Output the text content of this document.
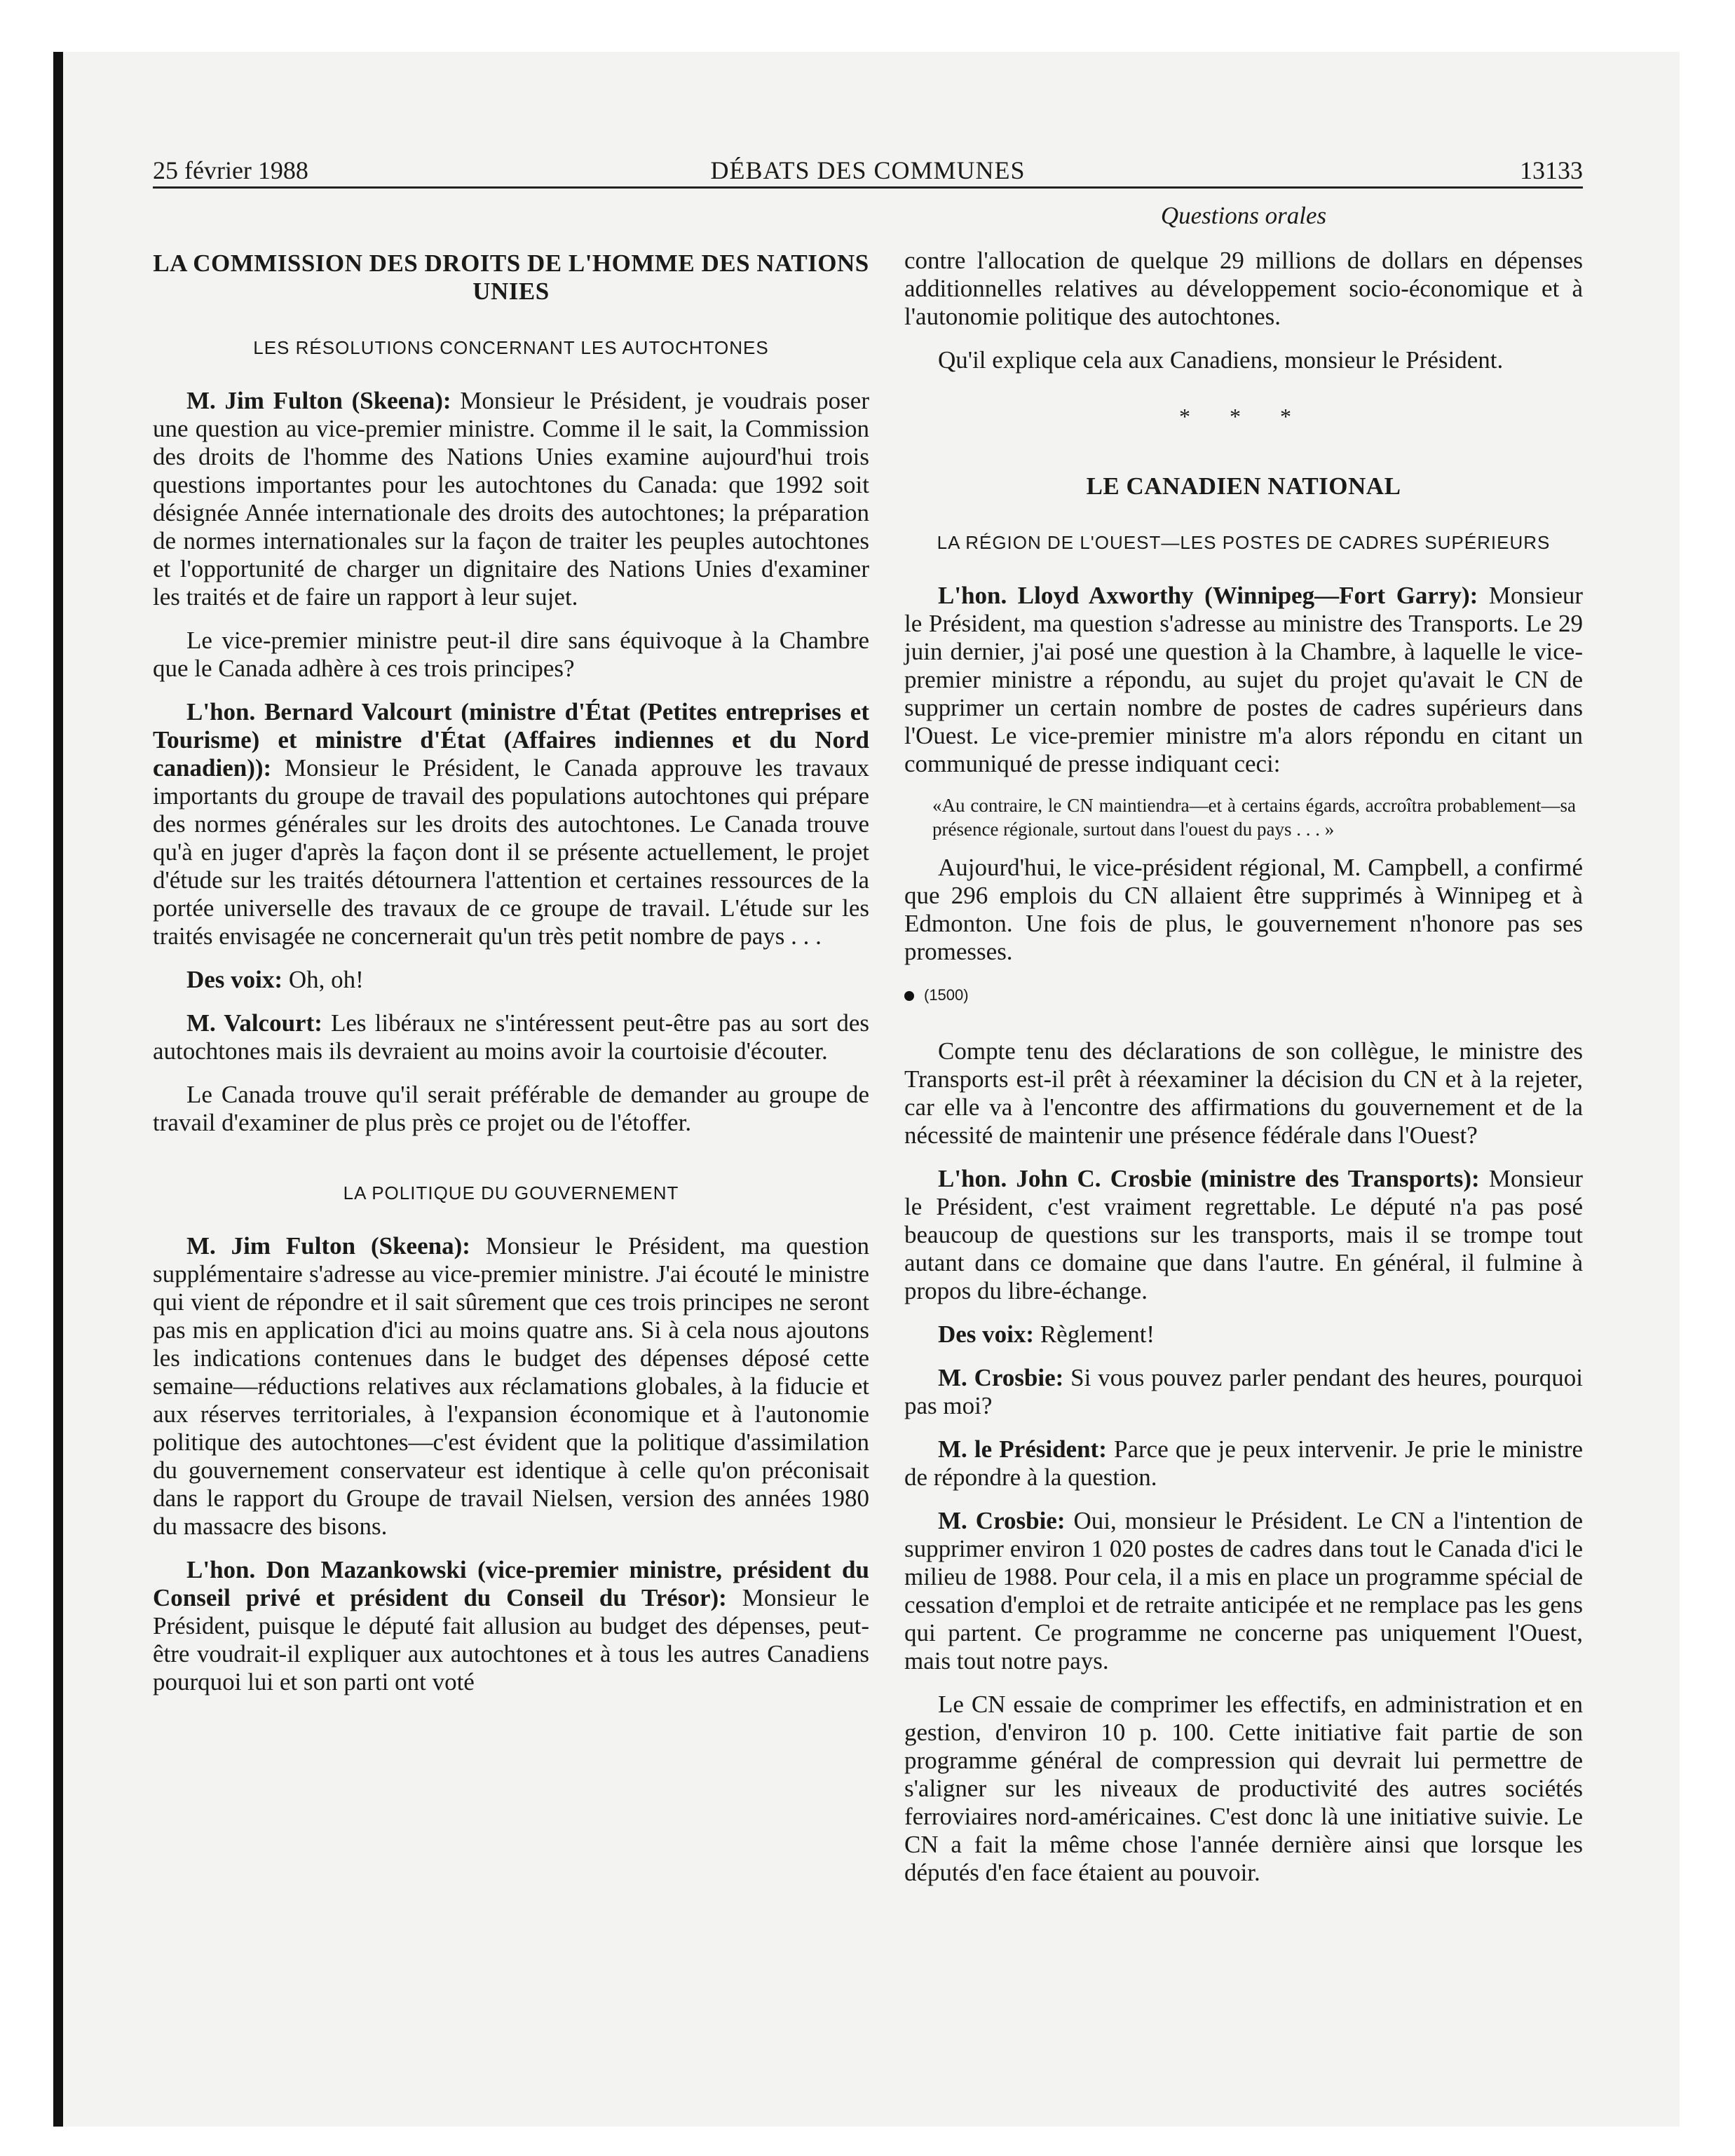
25 février 1988	DÉBATS DES COMMUNES	13133
Questions orales
LA COMMISSION DES DROITS DE L'HOMME DES NATIONS UNIES
LES RÉSOLUTIONS CONCERNANT LES AUTOCHTONES

M. Jim Fulton (Skeena): Monsieur le Président, je voudrais poser une question au vice-premier ministre. Comme il le sait, la Commission des droits de l'homme des Nations Unies examine aujourd'hui trois questions importantes pour les autochtones du Canada: que 1992 soit désignée Année internationale des droits des autochtones; la préparation de normes internationales sur la façon de traiter les peuples autochtones et l'opportunité de charger un dignitaire des Nations Unies d'examiner les traités et de faire un rapport à leur sujet.

Le vice-premier ministre peut-il dire sans équivoque à la Chambre que le Canada adhère à ces trois principes?

L'hon. Bernard Valcourt (ministre d'État (Petites entreprises et Tourisme) et ministre d'État (Affaires indiennes et du Nord canadien)): Monsieur le Président, le Canada approuve les travaux importants du groupe de travail des populations autochtones qui prépare des normes générales sur les droits des autochtones. Le Canada trouve qu'à en juger d'après la façon dont il se présente actuellement, le projet d'étude sur les traités détournera l'attention et certaines ressources de la portée universelle des travaux de ce groupe de travail. L'étude sur les traités envisagée ne concernerait qu'un très petit nombre de pays . . .

Des voix: Oh, oh!

M. Valcourt: Les libéraux ne s'intéressent peut-être pas au sort des autochtones mais ils devraient au moins avoir la courtoisie d'écouter.

Le Canada trouve qu'il serait préférable de demander au groupe de travail d'examiner de plus près ce projet ou de l'étoffer.

LA POLITIQUE DU GOUVERNEMENT

M. Jim Fulton (Skeena): Monsieur le Président, ma question supplémentaire s'adresse au vice-premier ministre. J'ai écouté le ministre qui vient de répondre et il sait sûrement que ces trois principes ne seront pas mis en application d'ici au moins quatre ans. Si à cela nous ajoutons les indications contenues dans le budget des dépenses déposé cette semaine—réductions relatives aux réclamations globales, à la fiducie et aux réserves territoriales, à l'expansion économique et à l'autonomie politique des autochtones—c'est évident que la politique d'assimilation du gouvernement conservateur est identique à celle qu'on préconisait dans le rapport du Groupe de travail Nielsen, version des années 1980 du massacre des bisons.

L'hon. Don Mazankowski (vice-premier ministre, président du Conseil privé et président du Conseil du Trésor): Monsieur le Président, puisque le député fait allusion au budget des dépenses, peut-être voudrait-il expliquer aux autochtones et à tous les autres Canadiens pourquoi lui et son parti ont voté

contre l'allocation de quelque 29 millions de dollars en dépenses additionnelles relatives au développement socio-économique et à l'autonomie politique des autochtones.

Qu'il explique cela aux Canadiens, monsieur le Président.

* * *
LE CANADIEN NATIONAL
LA RÉGION DE L'OUEST—LES POSTES DE CADRES SUPÉRIEURS

L'hon. Lloyd Axworthy (Winnipeg—Fort Garry): Monsieur le Président, ma question s'adresse au ministre des Transports. Le 29 juin dernier, j'ai posé une question à la Chambre, à laquelle le vice-premier ministre a répondu, au sujet du projet qu'avait le CN de supprimer un certain nombre de postes de cadres supérieurs dans l'Ouest. Le vice-premier ministre m'a alors répondu en citant un communiqué de presse indiquant ceci:

«Au contraire, le CN maintiendra—et à certains égards, accroîtra probablement—sa présence régionale, surtout dans l'ouest du pays . . . »

Aujourd'hui, le vice-président régional, M. Campbell, a confirmé que 296 emplois du CN allaient être supprimés à Winnipeg et à Edmonton. Une fois de plus, le gouvernement n'honore pas ses promesses.

(1500)

Compte tenu des déclarations de son collègue, le ministre des Transports est-il prêt à réexaminer la décision du CN et à la rejeter, car elle va à l'encontre des affirmations du gouvernement et de la nécessité de maintenir une présence fédérale dans l'Ouest?

L'hon. John C. Crosbie (ministre des Transports): Monsieur le Président, c'est vraiment regrettable. Le député n'a pas posé beaucoup de questions sur les transports, mais il se trompe tout autant dans ce domaine que dans l'autre. En général, il fulmine à propos du libre-échange.

Des voix: Règlement!

M. Crosbie: Si vous pouvez parler pendant des heures, pourquoi pas moi?

M. le Président: Parce que je peux intervenir. Je prie le ministre de répondre à la question.

M. Crosbie: Oui, monsieur le Président. Le CN a l'intention de supprimer environ 1 020 postes de cadres dans tout le Canada d'ici le milieu de 1988. Pour cela, il a mis en place un programme spécial de cessation d'emploi et de retraite anticipée et ne remplace pas les gens qui partent. Ce programme ne concerne pas uniquement l'Ouest, mais tout notre pays.

Le CN essaie de comprimer les effectifs, en administration et en gestion, d'environ 10 p. 100. Cette initiative fait partie de son programme général de compression qui devrait lui permettre de s'aligner sur les niveaux de productivité des autres sociétés ferroviaires nord-américaines. C'est donc là une initiative suivie. Le CN a fait la même chose l'année dernière ainsi que lorsque les députés d'en face étaient au pouvoir.
